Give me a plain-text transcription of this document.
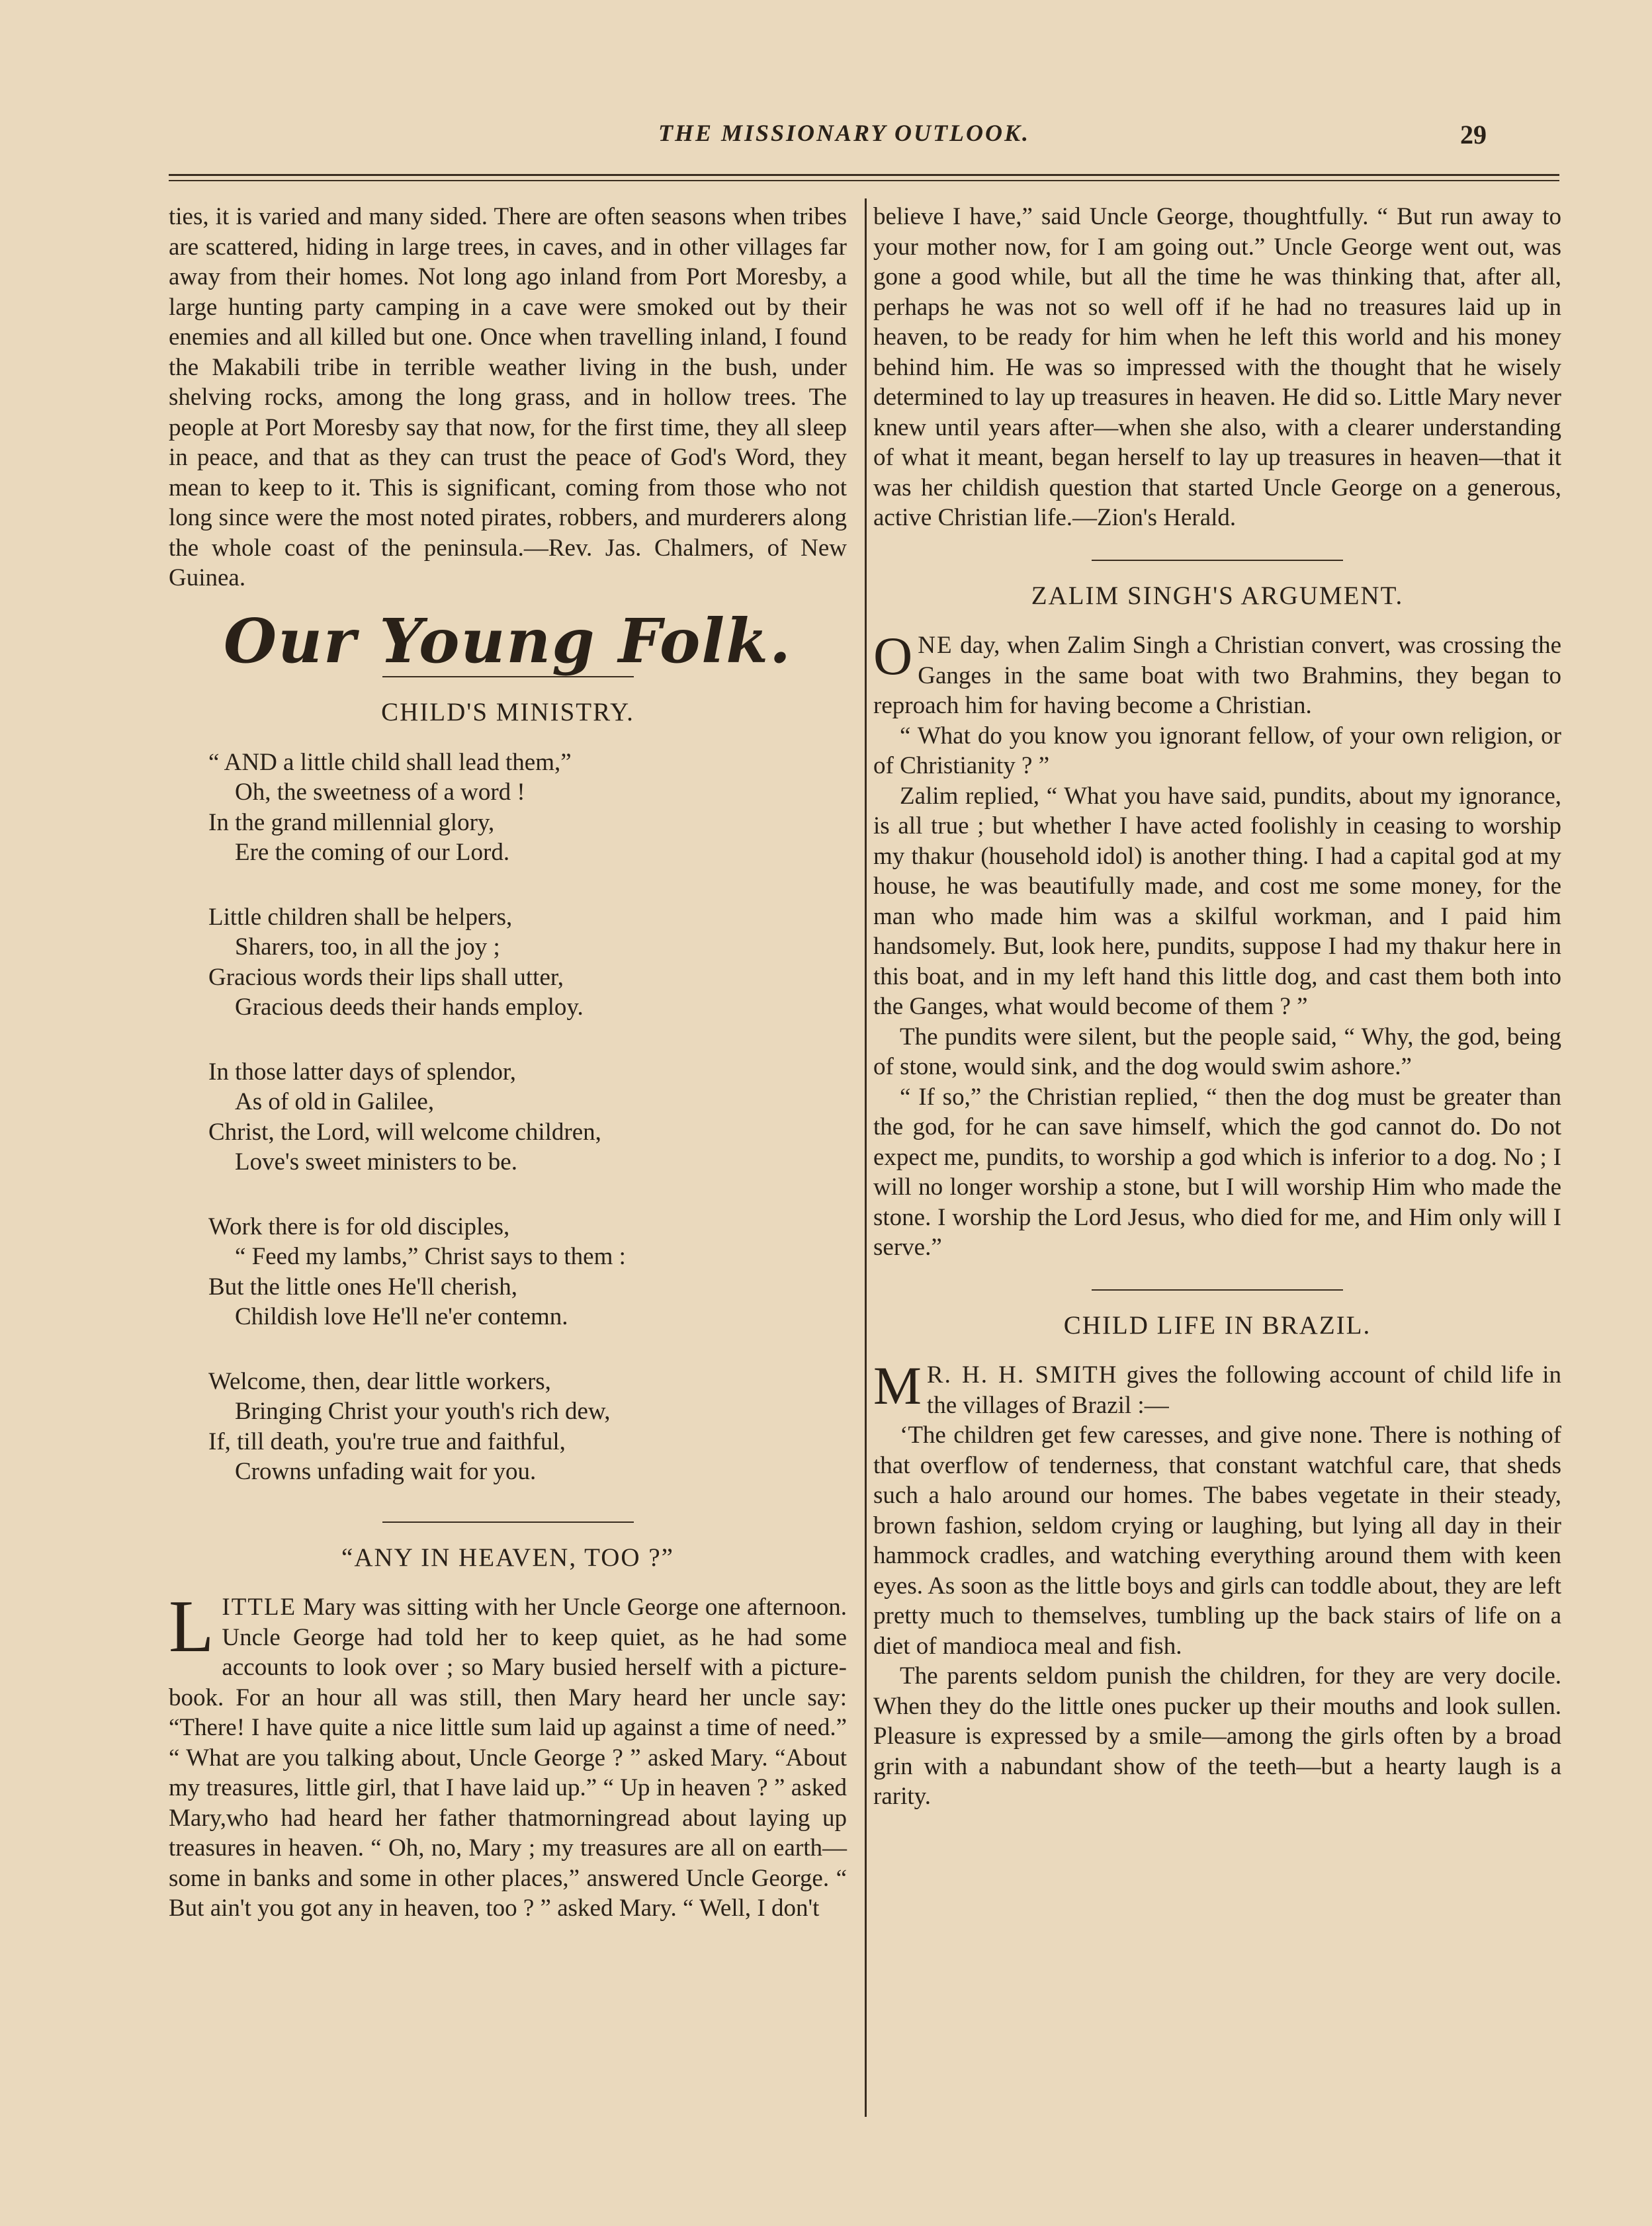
THE MISSIONARY OUTLOOK.	29

ties, it is varied and many sided. There are often seasons when tribes are scattered, hiding in large trees, in caves, and in other villages far away from their homes. Not long ago inland from Port Moresby, a large hunting party camping in a cave were smoked out by their enemies and all killed but one. Once when travelling inland, I found the Makabili tribe in terrible weather living in the bush, under shelving rocks, among the long grass, and in hollow trees. The people at Port Moresby say that now, for the first time, they all sleep in peace, and that as they can trust the peace of God's Word, they mean to keep to it. This is significant, coming from those who not long since were the most noted pirates, robbers, and murderers along the whole coast of the peninsula.—Rev. Jas. Chalmers, of New Guinea.

Our Young Folk.
CHILD'S MINISTRY.
“ AND a little child shall lead them,”
Oh, the sweetness of a word !
In the grand millennial glory,
Ere the coming of our Lord.
Little children shall be helpers,
Sharers, too, in all the joy ;
Gracious words their lips shall utter,
Gracious deeds their hands employ.
In those latter days of splendor,
As of old in Galilee,
Christ, the Lord, will welcome children,
Love's sweet ministers to be.
Work there is for old disciples,
“ Feed my lambs,” Christ says to them :
But the little ones He'll cherish,
Childish love He'll ne'er contemn.
Welcome, then, dear little workers,
Bringing Christ your youth's rich dew,
If, till death, you're true and faithful,
Crowns unfading wait for you.
“ANY IN HEAVEN, TOO ?”
L ITTLE Mary was sitting with her Uncle George one afternoon. Uncle George had told her to keep quiet, as he had some accounts to look over ; so Mary busied herself with a picture-book. For an hour all was still, then Mary heard her uncle say: “There! I have quite a nice little sum laid up against a time of need.” “ What are you talking about, Uncle George ? ” asked Mary. “About my treasures, little girl, that I have laid up.” “ Up in heaven ? ” asked Mary,who had heard her father thatmorningread about laying up treasures in heaven. “ Oh, no, Mary ; my treasures are all on earth—some in banks and some in other places,” answered Uncle George. “ But ain't you got any in heaven, too ? ” asked Mary. “ Well, I don't

believe I have,” said Uncle George, thoughtfully. “ But run away to your mother now, for I am going out.” Uncle George went out, was gone a good while, but all the time he was thinking that, after all, perhaps he was not so well off if he had no treasures laid up in heaven, to be ready for him when he left this world and his money behind him. He was so impressed with the thought that he wisely determined to lay up treasures in heaven. He did so. Little Mary never knew until years after—when she also, with a clearer understanding of what it meant, began herself to lay up treasures in heaven—that it was her childish question that started Uncle George on a generous, active Christian life.—Zion's Herald.

ZALIM SINGH'S ARGUMENT.

O NE day, when Zalim Singh a Christian convert, was crossing the Ganges in the same boat with two Brahmins, they began to reproach him for having become a Christian.

“ What do you know you ignorant fellow, of your own religion, or of Christianity ? ”

Zalim replied, “ What you have said, pundits, about my ignorance, is all true ; but whether I have acted foolishly in ceasing to worship my thakur (household idol) is another thing. I had a capital god at my house, he was beautifully made, and cost me some money, for the man who made him was a skilful workman, and I paid him handsomely. But, look here, pundits, suppose I had my thakur here in this boat, and in my left hand this little dog, and cast them both into the Ganges, what would become of them ? ”

The pundits were silent, but the people said, “ Why, the god, being of stone, would sink, and the dog would swim ashore.”

“ If so,” the Christian replied, “ then the dog must be greater than the god, for he can save himself, which the god cannot do. Do not expect me, pundits, to worship a god which is inferior to a dog. No ; I will no longer worship a stone, but I will worship Him who made the stone. I worship the Lord Jesus, who died for me, and Him only will I serve.”

CHILD LIFE IN BRAZIL.

M R. H. H. SMITH gives the following account of child life in the villages of Brazil :—

‘The children get few caresses, and give none. There is nothing of that overflow of tenderness, that constant watchful care, that sheds such a halo around our homes. The babes vegetate in their steady, brown fashion, seldom crying or laughing, but lying all day in their hammock cradles, and watching everything around them with keen eyes. As soon as the little boys and girls can toddle about, they are left pretty much to themselves, tumbling up the back stairs of life on a diet of mandioca meal and fish.

The parents seldom punish the children, for they are very docile. When they do the little ones pucker up their mouths and look sullen. Pleasure is expressed by a smile—among the girls often by a broad grin with a nabundant show of the teeth—but a hearty laugh is a rarity.
